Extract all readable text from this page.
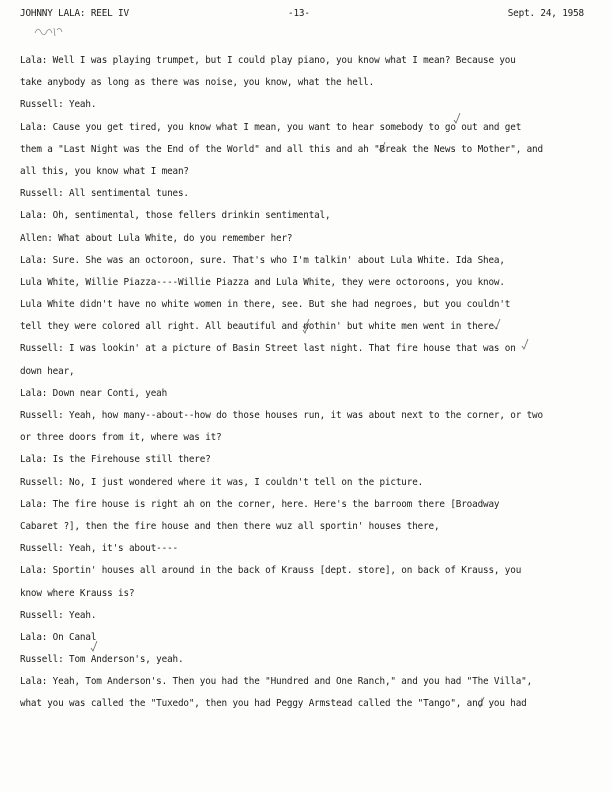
JOHNNY LALA: REEL IV	-13-	Sept. 24, 1958
Lala: Well I was playing trumpet, but I could play piano, you know what I mean? Because you
take anybody as long as there was noise, you know, what the hell.
Russell: Yeah.
Lala: Cause you get tired, you know what I mean, you want to hear somebody to go out and get
them a "Last Night was the End of the World" and all this and ah "Break the News to Mother", and
all this, you know what I mean?
Russell: All sentimental tunes.
Lala: Oh, sentimental, those fellers drinkin sentimental,
Allen: What about Lula White, do you remember her?
Lala: Sure. She was an octoroon, sure. That's who I'm talkin' about Lula White. Ida Shea,
Lula White, Willie Piazza----Willie Piazza and Lula White, they were octoroons, you know.
Lula White didn't have no white women in there, see. But she had negroes, but you couldn't
tell they were colored all right. All beautiful and nothin' but white men went in there.
Russell: I was lookin' at a picture of Basin Street last night. That fire house that was on
down hear,
Lala: Down near Conti, yeah
Russell: Yeah, how many--about--how do those houses run, it was about next to the corner, or two
or three doors from it, where was it?
Lala: Is the Firehouse still there?
Russell: No, I just wondered where it was, I couldn't tell on the picture.
Lala: The fire house is right ah on the corner, here. Here's the barroom there [Broadway
Cabaret ?], then the fire house and then there wuz all sportin' houses there,
Russell: Yeah, it's about----
Lala: Sportin' houses all around in the back of Krauss [dept. store], on back of Krauss, you
know where Krauss is?
Russell: Yeah.
Lala: On Canal
Russell: Tom Anderson's, yeah.
Lala: Yeah, Tom Anderson's. Then you had the "Hundred and One Ranch," and you had "The Villa",
what you was called the "Tuxedo", then you had Peggy Armstead called the "Tango", and you had
